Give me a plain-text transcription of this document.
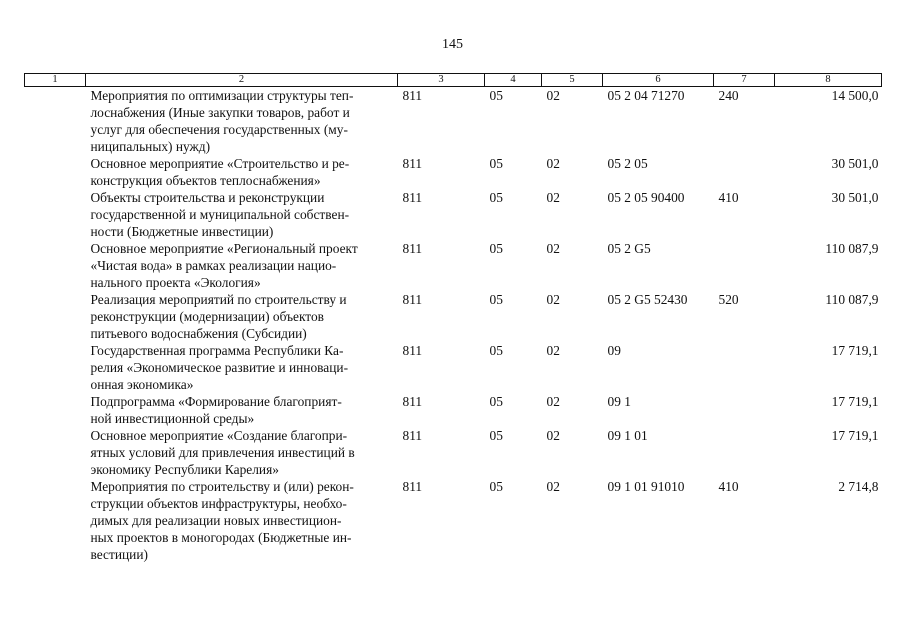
145
1	2	3	4	5	6	7	8

	Мероприятия по оптимизации структуры теп-
лоснабжения (Иные закупки товаров, работ и
услуг для обеспечения государственных (му-
ниципальных) нужд)	811	05	02	05 2 04 71270	240	14 500,0

	Основное мероприятие «Строительство и ре-
конструкция объектов теплоснабжения»	811	05	02	05 2 05		30 501,0

	Объекты строительства и реконструкции
государственной и муниципальной собствен-
ности (Бюджетные инвестиции)	811	05	02	05 2 05 90400	410	30 501,0

	Основное мероприятие «Региональный проект
«Чистая вода» в рамках реализации нацио-
нального проекта «Экология»	811	05	02	05 2 G5		110 087,9

	Реализация мероприятий по строительству и
реконструкции (модернизации) объектов
питьевого водоснабжения (Субсидии)	811	05	02	05 2 G5 52430	520	110 087,9

	Государственная программа Республики Ка-
релия «Экономическое развитие и инноваци-
онная экономика»	811	05	02	09		17 719,1

	Подпрограмма «Формирование благоприят-
ной инвестиционной среды»	811	05	02	09 1		17 719,1

	Основное мероприятие «Создание благопри-
ятных условий для привлечения инвестиций в
экономику Республики Карелия»	811	05	02	09 1 01		17 719,1

	Мероприятия по строительству и (или) рекон-
струкции объектов инфраструктуры, необхо-
димых для реализации новых инвестицион-
ных проектов в моногородах (Бюджетные ин-
вестиции)	811	05	02	09 1 01 91010	410	2 714,8
